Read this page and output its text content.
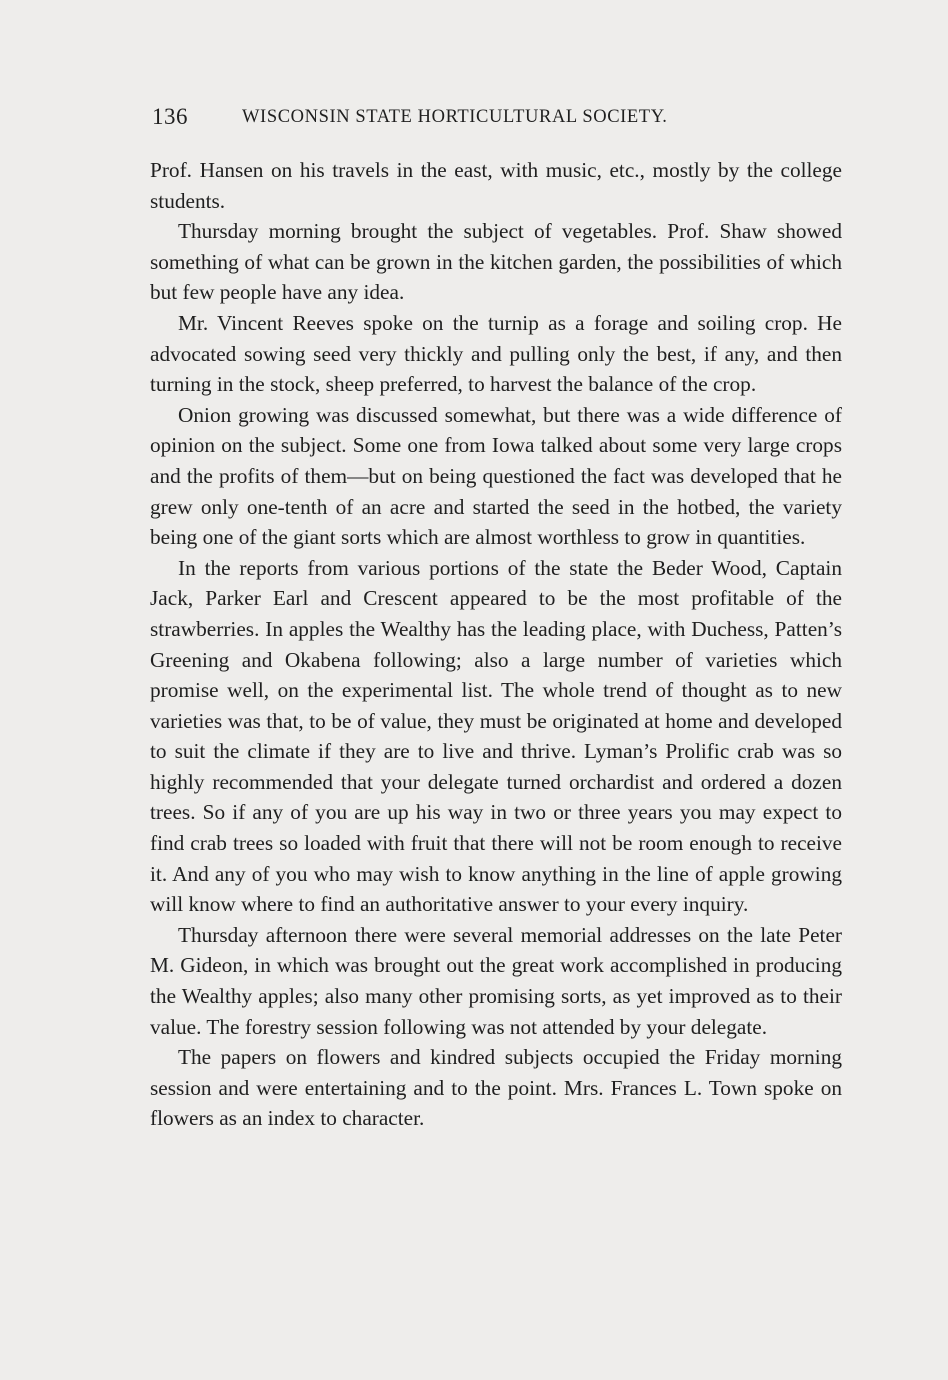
136	WISCONSIN STATE HORTICULTURAL SOCIETY.

Prof. Hansen on his travels in the east, with music, etc., mostly by the college students.

Thursday morning brought the subject of vegetables. Prof. Shaw showed something of what can be grown in the kitchen garden, the possibilities of which but few people have any idea.

Mr. Vincent Reeves spoke on the turnip as a forage and soiling crop. He advocated sowing seed very thickly and pulling only the best, if any, and then turning in the stock, sheep preferred, to harvest the balance of the crop.

Onion growing was discussed somewhat, but there was a wide difference of opinion on the subject. Some one from Iowa talked about some very large crops and the profits of them—but on being questioned the fact was developed that he grew only one-tenth of an acre and started the seed in the hotbed, the variety being one of the giant sorts which are almost worthless to grow in quantities.

In the reports from various portions of the state the Beder Wood, Captain Jack, Parker Earl and Crescent appeared to be the most profitable of the strawberries. In apples the Wealthy has the leading place, with Duchess, Patten’s Greening and Okabena following; also a large number of varieties which promise well, on the experimental list. The whole trend of thought as to new varieties was that, to be of value, they must be originated at home and developed to suit the climate if they are to live and thrive. Lyman’s Prolific crab was so highly recommended that your delegate turned orchardist and ordered a dozen trees. So if any of you are up his way in two or three years you may expect to find crab trees so loaded with fruit that there will not be room enough to receive it. And any of you who may wish to know anything in the line of apple growing will know where to find an authoritative answer to your every inquiry.

Thursday afternoon there were several memorial addresses on the late Peter M. Gideon, in which was brought out the great work accomplished in producing the Wealthy apples; also many other promising sorts, as yet improved as to their value. The forestry session following was not attended by your delegate.

The papers on flowers and kindred subjects occupied the Friday morning session and were entertaining and to the point. Mrs. Frances L. Town spoke on flowers as an index to character.
